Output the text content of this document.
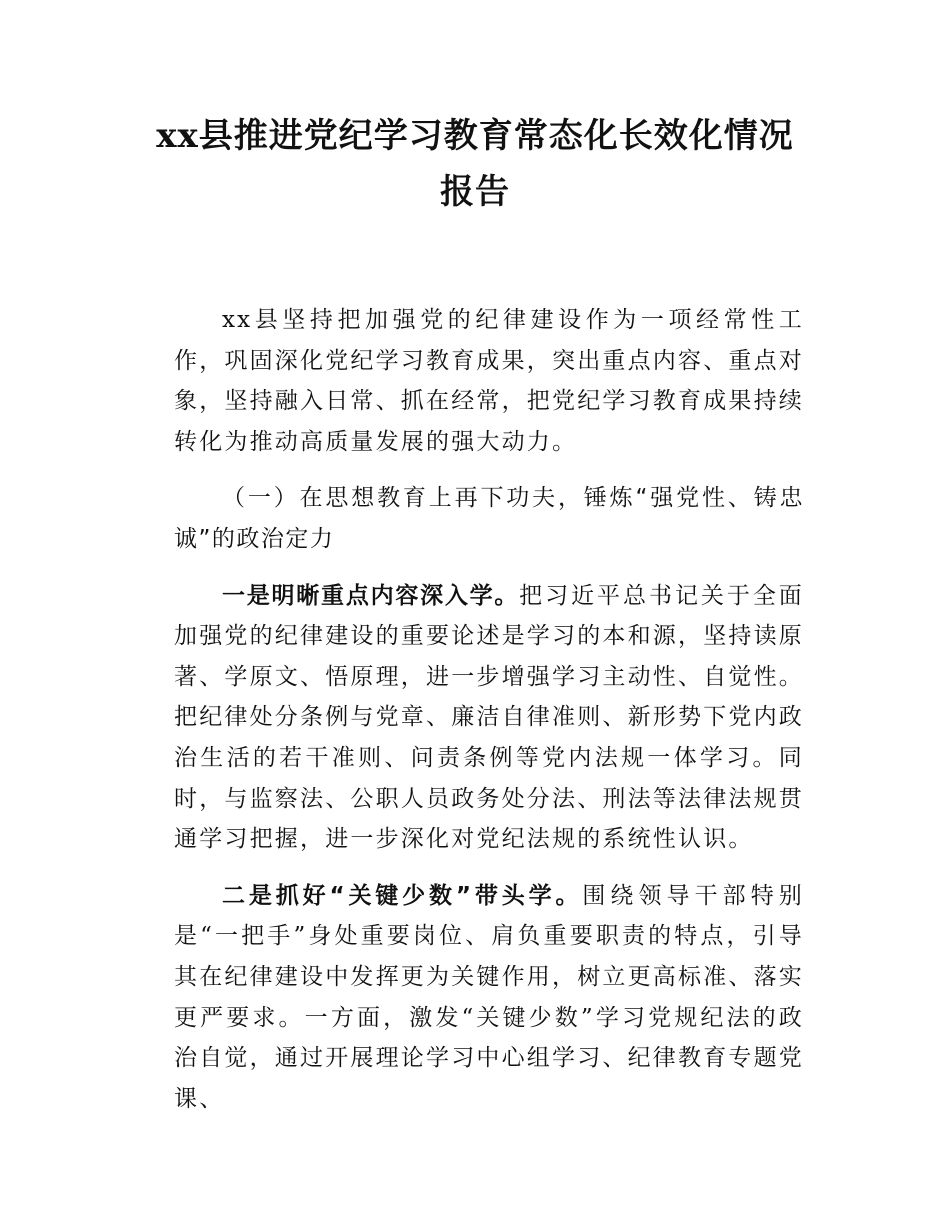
xx县推进党纪学习教育常态化长效化情况报告

xx县坚持把加强党的纪律建设作为一项经常性工作，巩固深化党纪学习教育成果，突出重点内容、重点对象，坚持融入日常、抓在经常，把党纪学习教育成果持续转化为推动高质量发展的强大动力。

（一）在思想教育上再下功夫，锤炼“强党性、铸忠诚”的政治定力

一是明晰重点内容深入学。把习近平总书记关于全面加强党的纪律建设的重要论述是学习的本和源，坚持读原著、学原文、悟原理，进一步增强学习主动性、自觉性。把纪律处分条例与党章、廉洁自律准则、新形势下党内政治生活的若干准则、问责条例等党内法规一体学习。同时，与监察法、公职人员政务处分法、刑法等法律法规贯通学习把握，进一步深化对党纪法规的系统性认识。

二是抓好“关键少数”带头学。围绕领导干部特别是“一把手”身处重要岗位、肩负重要职责的特点，引导其在纪律建设中发挥更为关键作用，树立更高标准、落实更严要求。一方面，激发“关键少数”学习党规纪法的政治自觉，通过开展理论学习中心组学习、纪律教育专题党课、
